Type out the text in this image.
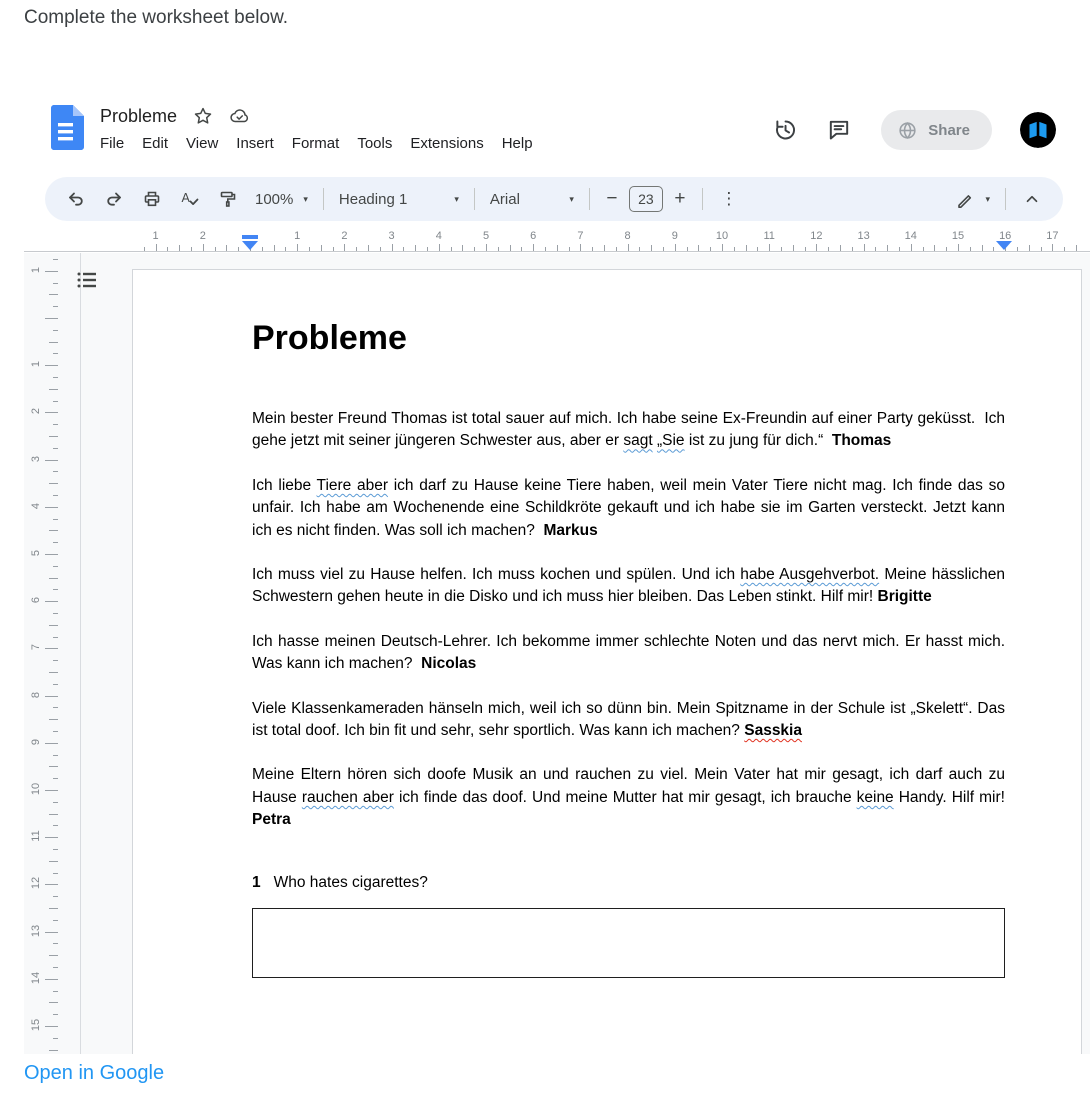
Complete the worksheet below.
Probleme
File	Edit	View	Insert	Format	Tools	Extensions	Help
Share
A	100% ▾ Heading 1	▾ Arial	▾	−	23	+	⋮	▾
2
1	1	2	3	4	5	6	7	8	9	10	11	12	13	14	15	16	17
1
1
2
3
4
5
6
7
8
9
10
11
12
13
14
15
Probleme

Mein bester Freund Thomas ist total sauer auf mich. Ich habe seine Ex-Freundin auf einer Party geküsst.  Ich gehe jetzt mit seiner jüngeren Schwester aus, aber er sagt „Sie ist zu jung für dich.“  Thomas

Ich liebe Tiere aber ich darf zu Hause keine Tiere haben, weil mein Vater Tiere nicht mag. Ich finde das so unfair. Ich habe am Wochenende eine Schildkröte gekauft und ich habe sie im Garten versteckt. Jetzt kann ich es nicht finden. Was soll ich machen?  Markus

Ich muss viel zu Hause helfen. Ich muss kochen und spülen. Und ich habe Ausgehverbot. Meine hässlichen Schwestern gehen heute in die Disko und ich muss hier bleiben. Das Leben stinkt. Hilf mir! Brigitte

Ich hasse meinen Deutsch-Lehrer. Ich bekomme immer schlechte Noten und das nervt mich. Er hasst mich. Was kann ich machen?  Nicolas

Viele Klassenkameraden hänseln mich, weil ich so dünn bin. Mein Spitzname in der Schule ist „Skelett“. Das ist total doof. Ich bin fit und sehr, sehr sportlich. Was kann ich machen? Sasskia

Meine Eltern hören sich doofe Musik an und rauchen zu viel. Mein Vater hat mir gesagt, ich darf auch zu Hause rauchen aber ich finde das doof. Und meine Mutter hat mir gesagt, ich brauche keine Handy. Hilf mir! Petra

1 Who hates cigarettes?
Open in Google
